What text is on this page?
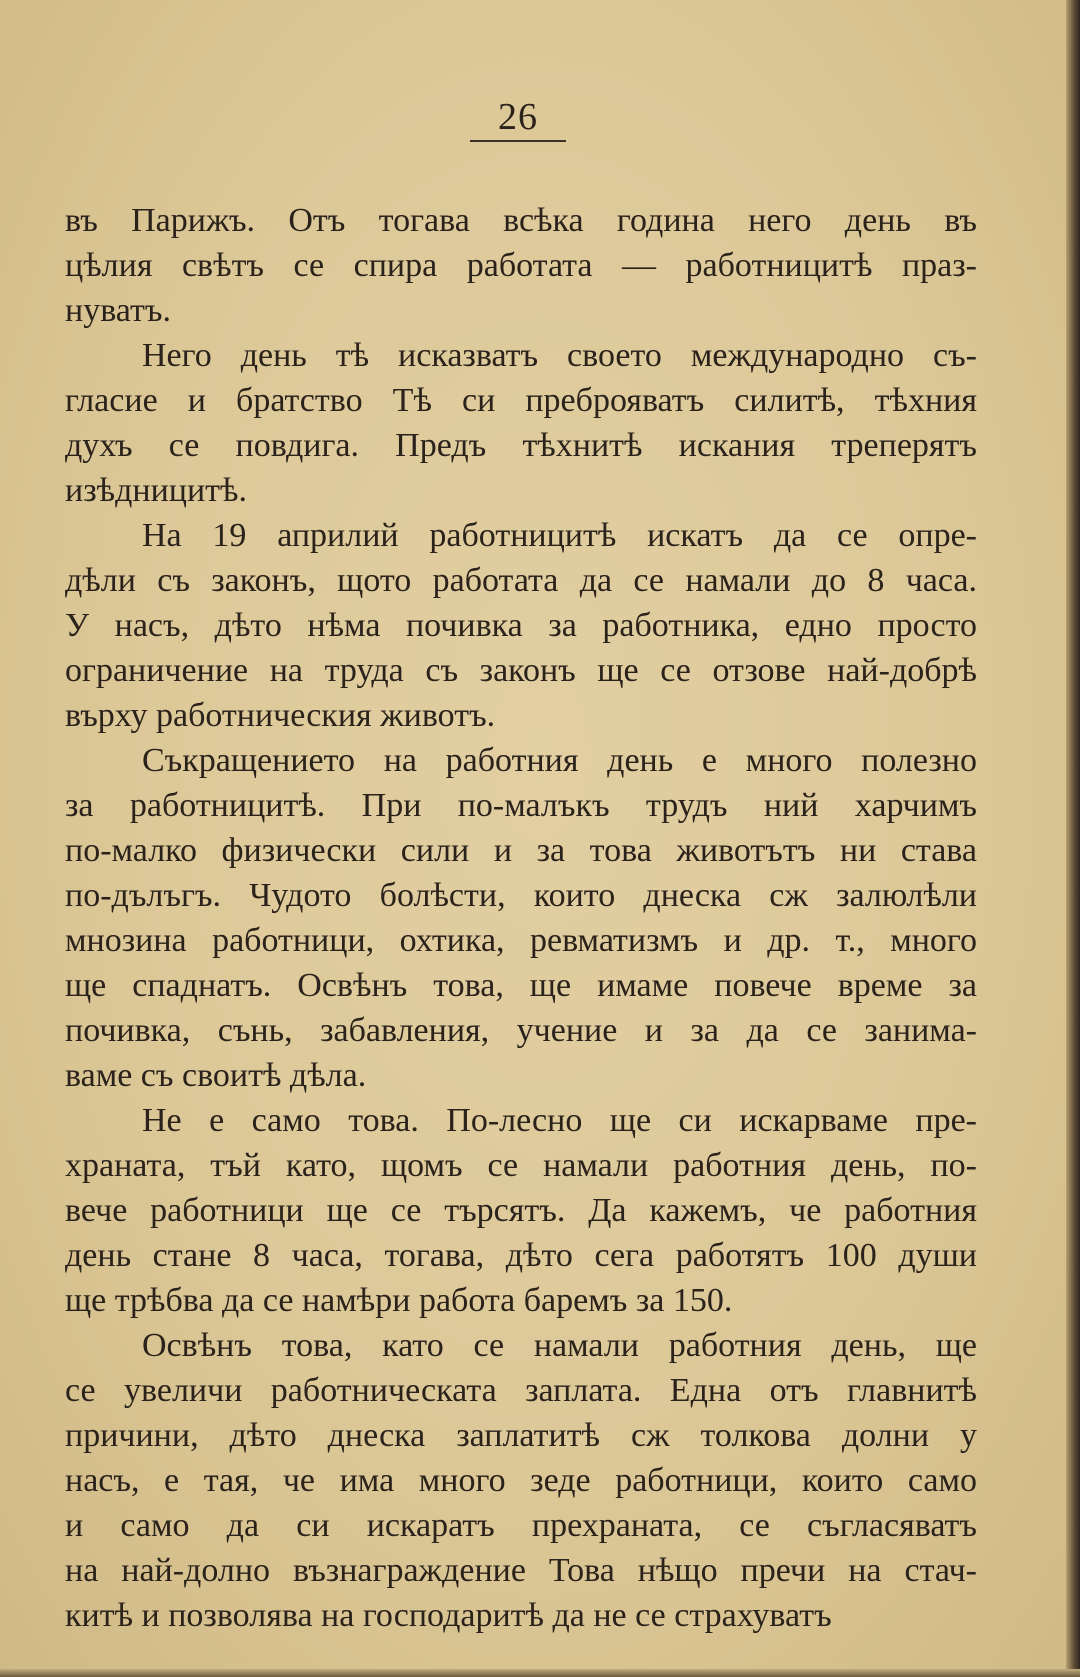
26
въ Парижъ. Отъ тогава всѣка година него день въ
цѣлия свѣтъ се спира работата — работницитѣ праз-
нуватъ.
Него день тѣ исказватъ своето международно съ-
гласие и братство Тѣ си преброяватъ силитѣ, тѣхния
духъ се повдига. Предъ тѣхнитѣ искания треперятъ
изѣдницитѣ.
На 19 априлий работницитѣ искатъ да се опре-
дѣли съ законъ, щото работата да се намали до 8 часа.
У насъ, дѣто нѣма почивка за работника, едно просто
ограничение на труда съ законъ ще се отзове най-добрѣ
върху работническия животъ.
Съкращението на работния день е много полезно
за работницитѣ. При по-малъкъ трудъ ний харчимъ
по-малко физически сили и за това животътъ ни става
по-дълъгъ. Чудото болѣсти, които днеска сж залюлѣли
мнозина работници, охтика, ревматизмъ и др. т., много
ще спаднатъ. Освѣнъ това, ще имаме повече време за
почивка, сънь, забавления, учение и за да се занима-
ваме съ своитѣ дѣла.
Не е само това. По-лесно ще си искарваме пре-
храната, тъй като, щомъ се намали работния день, по-
вече работници ще се търсятъ. Да кажемъ, че работния
день стане 8 часа, тогава, дѣто сега работятъ 100 души
ще трѣбва да се намѣри работа баремъ за 150.
Освѣнъ това, като се намали работния день, ще
се увеличи работническата заплата. Една отъ главнитѣ
причини, дѣто днеска заплатитѣ сж толкова долни у
насъ, е тая, че има много зеде работници, които само
и само да си искаратъ прехраната, се съгласяватъ
на най-долно възнаграждение Това нѣщо пречи на стач-
китѣ и позволява на господаритѣ да не се страхуватъ
